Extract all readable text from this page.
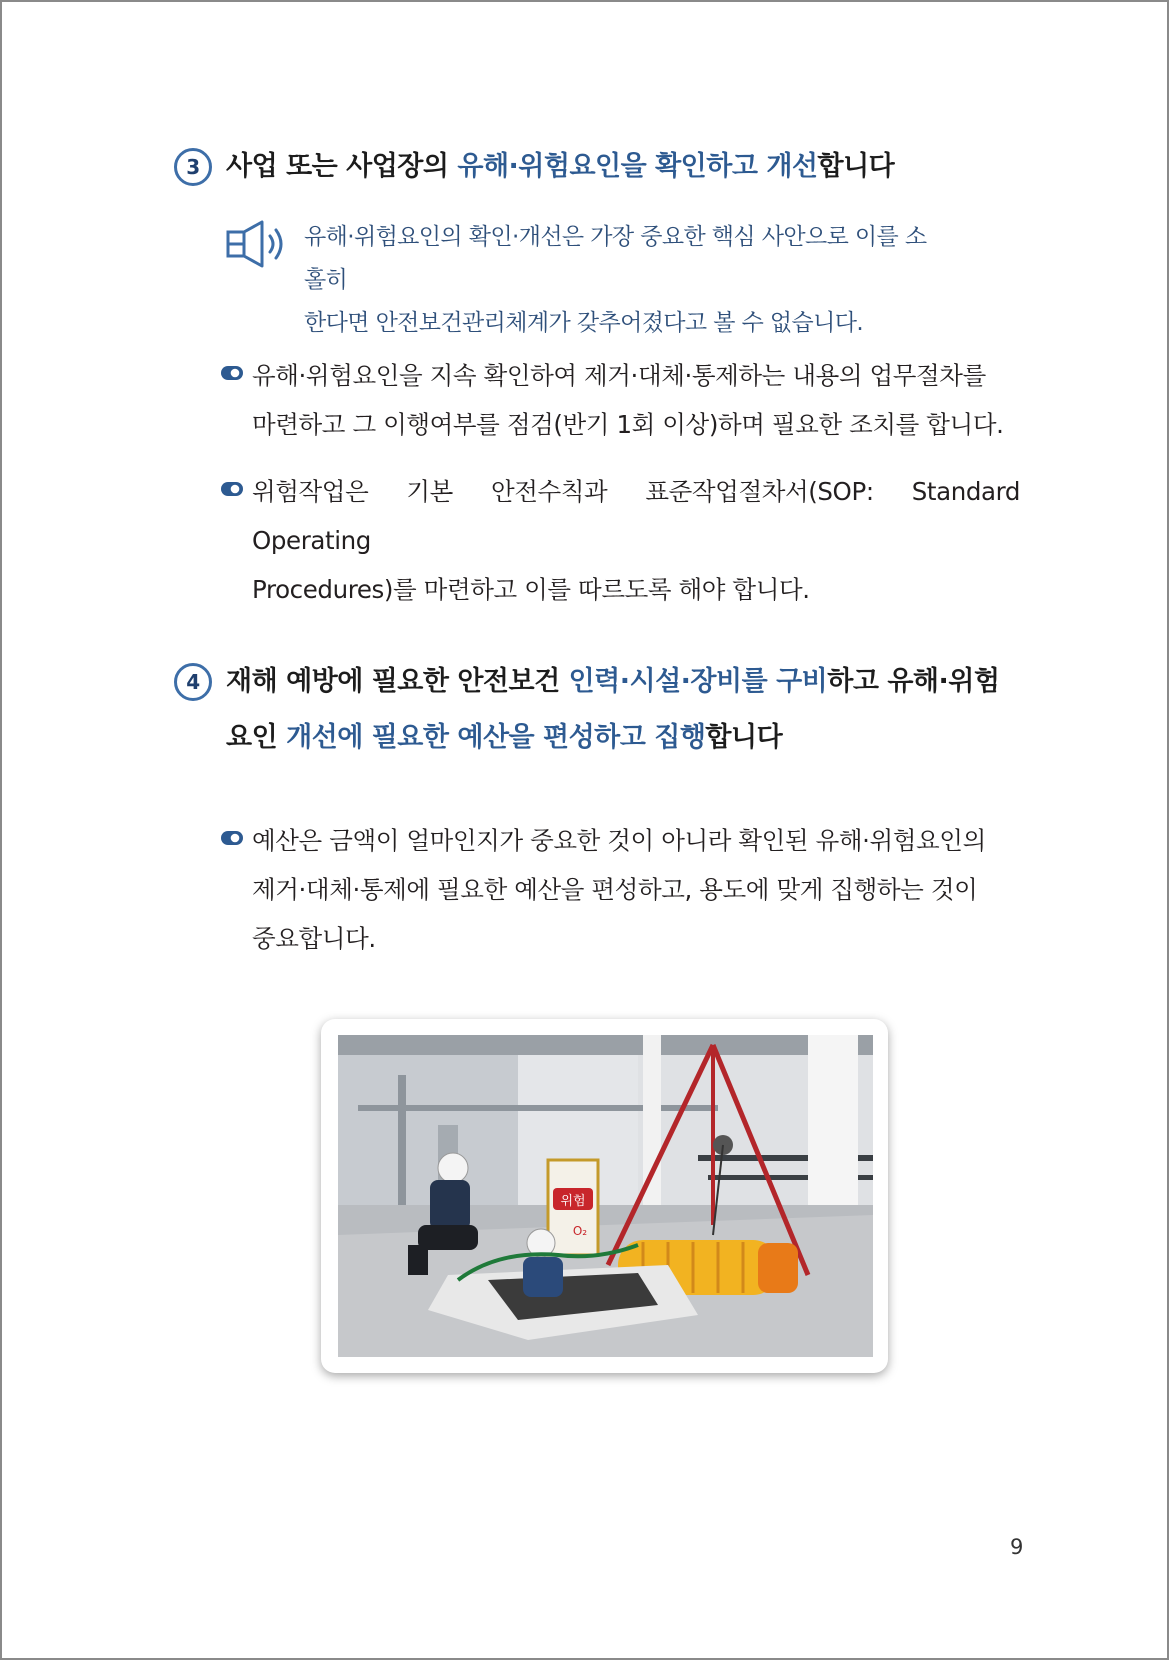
3 사업 또는 사업장의 유해·위험요인을 확인하고 개선합니다
유해·위험요인의 확인·개선은 가장 중요한 핵심 사안으로 이를 소홀히
한다면 안전보건관리체계가 갖추어졌다고 볼 수 없습니다.
유해·위험요인을 지속 확인하여 제거·대체·통제하는 내용의 업무절차를
마련하고 그 이행여부를 점검(반기 1회 이상)하며 필요한 조치를 합니다.
위험작업은 기본 안전수칙과 표준작업절차서(SOP: Standard Operating
Procedures)를 마련하고 이를 따르도록 해야 합니다.
4 재해 예방에 필요한 안전보건 인력·시설·장비를 구비하고 유해·위험
요인 개선에 필요한 예산을 편성하고 집행합니다
예산은 금액이 얼마인지가 중요한 것이 아니라 확인된 유해·위험요인의
제거·대체·통제에 필요한 예산을 편성하고, 용도에 맞게 집행하는 것이
중요합니다.
위험
O₂
9
